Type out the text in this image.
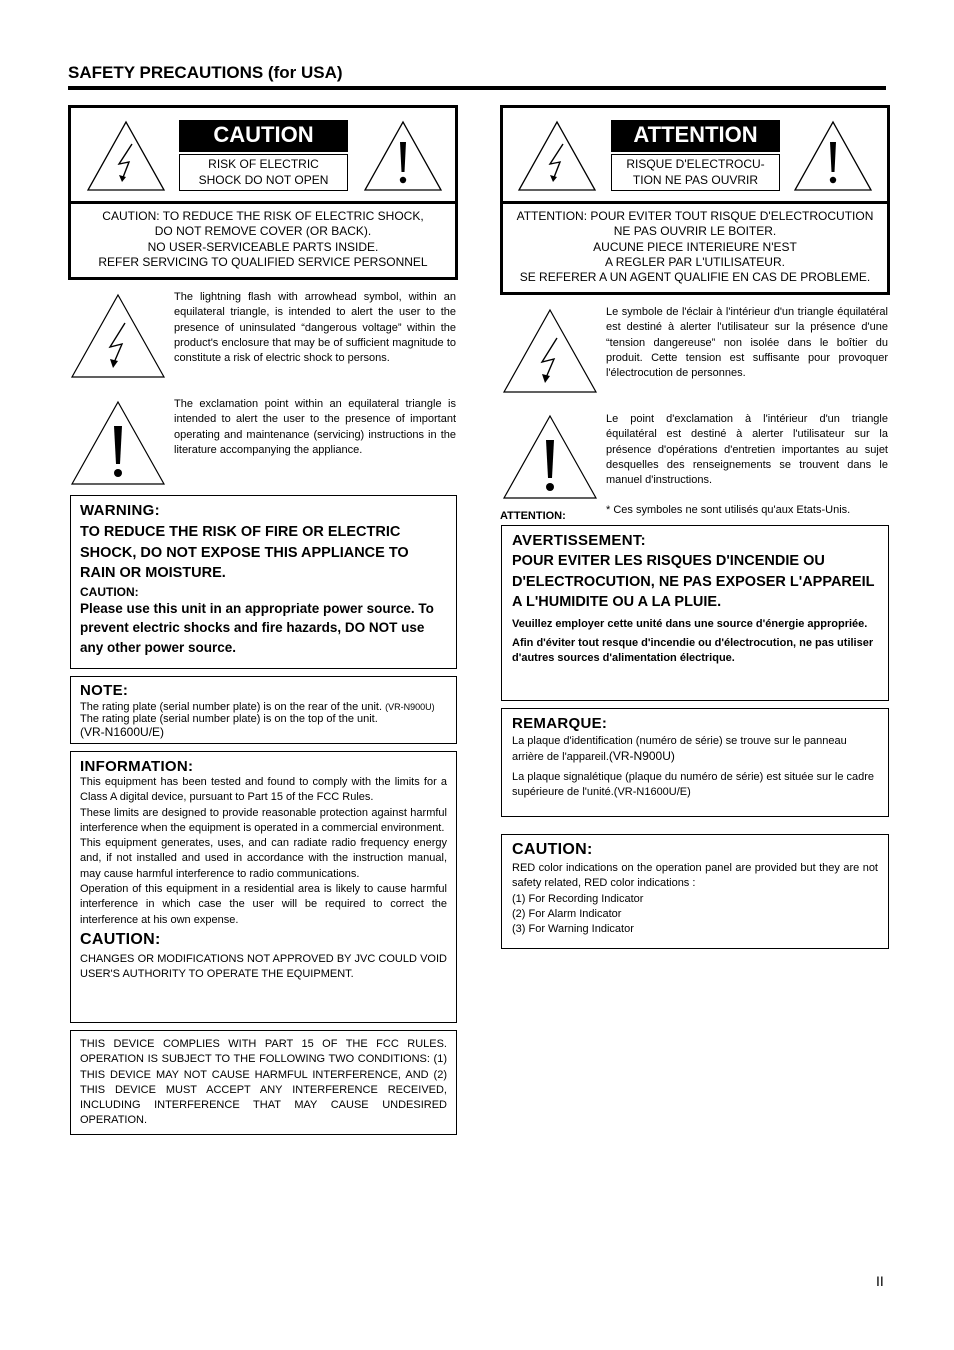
SAFETY PRECAUTIONS (for USA)
CAUTION
RISK OF ELECTRIC
SHOCK DO NOT OPEN
CAUTION: TO REDUCE THE RISK OF ELECTRIC SHOCK,
DO NOT REMOVE COVER (OR BACK).
NO USER-SERVICEABLE PARTS INSIDE.
REFER SERVICING TO QUALIFIED SERVICE PERSONNEL
ATTENTION
RISQUE D'ELECTROCU-
TION NE PAS OUVRIR
ATTENTION: POUR EVITER TOUT RISQUE D'ELECTROCUTION
NE PAS OUVRIR LE BOITER.
AUCUNE PIECE INTERIEURE N'EST
A REGLER PAR L'UTILISATEUR.
SE REFERER A UN AGENT QUALIFIE EN CAS DE PROBLEME.
The lightning flash with arrowhead symbol, within an equilateral triangle, is intended to alert the user to the presence of uninsulated “dangerous voltage” within the product's enclosure that may be of sufficient magnitude to constitute a risk of electric shock to persons.
The exclamation point within an equilateral triangle is intended to alert the user to the presence of important operating and maintenance (servicing) instructions in the literature accompanying the appliance.
Le symbole de l'éclair à l'intérieur d'un triangle équilatéral est destiné à alerter l'utilisateur sur la présence d'une “tension dangereuse” non isolée dans le boîtier du produit. Cette tension est suffisante pour provoquer l'électrocution de personnes.
Le point d'exclamation à l'intérieur d'un triangle équilatéral est destiné à alerter l'utilisateur sur la présence d'opérations d'entretien importantes au sujet desquelles des renseignements se trouvent dans le manuel d'instructions.
ATTENTION:	* Ces symboles ne sont utilisés qu'aux Etats-Unis.
WARNING:
TO REDUCE THE RISK OF FIRE OR ELECTRIC SHOCK, DO NOT EXPOSE THIS APPLIANCE TO RAIN OR MOISTURE.
CAUTION:
Please use this unit in an appropriate power source. To prevent electric shocks and fire hazards, DO NOT use any other power source.
AVERTISSEMENT:
POUR EVITER LES RISQUES D'INCENDIE OU D'ELECTROCUTION, NE PAS EXPOSER L'APPAREIL A L'HUMIDITE OU A LA PLUIE.
Veuillez employer cette unité dans une source d'énergie appropriée.
Afin d'éviter tout resque d'incendie ou d'électrocution, ne pas utiliser d'autres sources d'alimentation électrique.
NOTE:
The rating plate (serial number plate) is on the rear of the unit. (VR-N900U)
The rating plate (serial number plate) is on the top of the unit.
(VR-N1600U/E)	REMARQUE:
La plaque d'identification (numéro de série) se trouve sur le panneau arrière de l'appareil.(VR-N900U)
La plaque signalétique (plaque du numéro de série) est située sur le cadre supérieure de l'unité.(VR-N1600U/E)
INFORMATION:
This equipment has been tested and found to comply with the limits for a Class A digital device, pursuant to Part 15 of the FCC Rules.
These limits are designed to provide reasonable protection against harmful interference when the equipment is operated in a commercial environment.
This equipment generates, uses, and can radiate radio frequency energy and, if not installed and used in accordance with the instruction manual, may cause harmful interference to radio communications.
Operation of this equipment in a residential area is likely to cause harmful interference in which case the user will be required to correct the interference at his own expense.
CAUTION:
CHANGES OR MODIFICATIONS NOT APPROVED BY JVC COULD VOID USER'S AUTHORITY TO OPERATE THE EQUIPMENT.
CAUTION:
RED color indications on the operation panel are provided but they are not safety related, RED color indications :
(1) For Recording Indicator
(2) For Alarm Indicator
(3) For Warning Indicator
THIS DEVICE COMPLIES WITH PART 15 OF THE FCC RULES. OPERATION IS SUBJECT TO THE FOLLOWING TWO CONDITIONS: (1) THIS DEVICE MAY NOT CAUSE HARMFUL INTERFERENCE, AND (2) THIS DEVICE MUST ACCEPT ANY INTERFERENCE RECEIVED, INCLUDING INTERFERENCE THAT MAY CAUSE UNDESIRED OPERATION.
II
